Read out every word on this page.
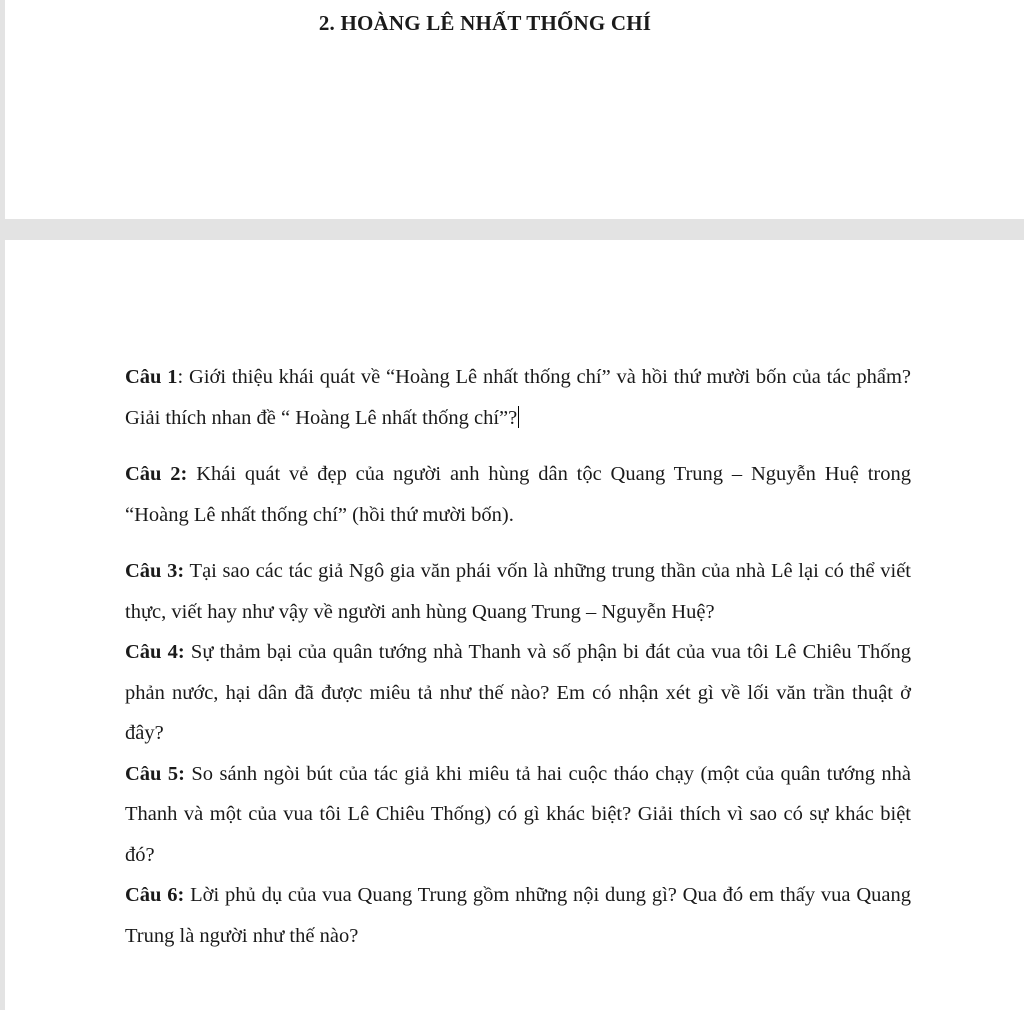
2. HOÀNG LÊ NHẤT THỐNG CHÍ

Câu 1: Giới thiệu khái quát về “Hoàng Lê nhất thống chí” và hồi thứ mười bốn của tác phẩm? Giải thích nhan đề “ Hoàng Lê nhất thống chí”?

Câu 2: Khái quát vẻ đẹp của người anh hùng dân tộc Quang Trung – Nguyễn Huệ trong “Hoàng Lê nhất thống chí” (hồi thứ mười bốn).

Câu 3: Tại sao các tác giả Ngô gia văn phái vốn là những trung thần của nhà Lê lại có thể viết thực, viết hay như vậy về người anh hùng Quang Trung – Nguyễn Huệ?

Câu 4: Sự thảm bại của quân tướng nhà Thanh và số phận bi đát của vua tôi Lê Chiêu Thống phản nước, hại dân đã được miêu tả như thế nào? Em có nhận xét gì về lối văn trần thuật ở đây?

Câu 5: So sánh ngòi bút của tác giả khi miêu tả hai cuộc tháo chạy (một của quân tướng nhà Thanh và một của vua tôi Lê Chiêu Thống) có gì khác biệt? Giải thích vì sao có sự khác biệt đó?

Câu 6: Lời phủ dụ của vua Quang Trung gồm những nội dung gì? Qua đó em thấy vua Quang Trung là người như thế nào?
